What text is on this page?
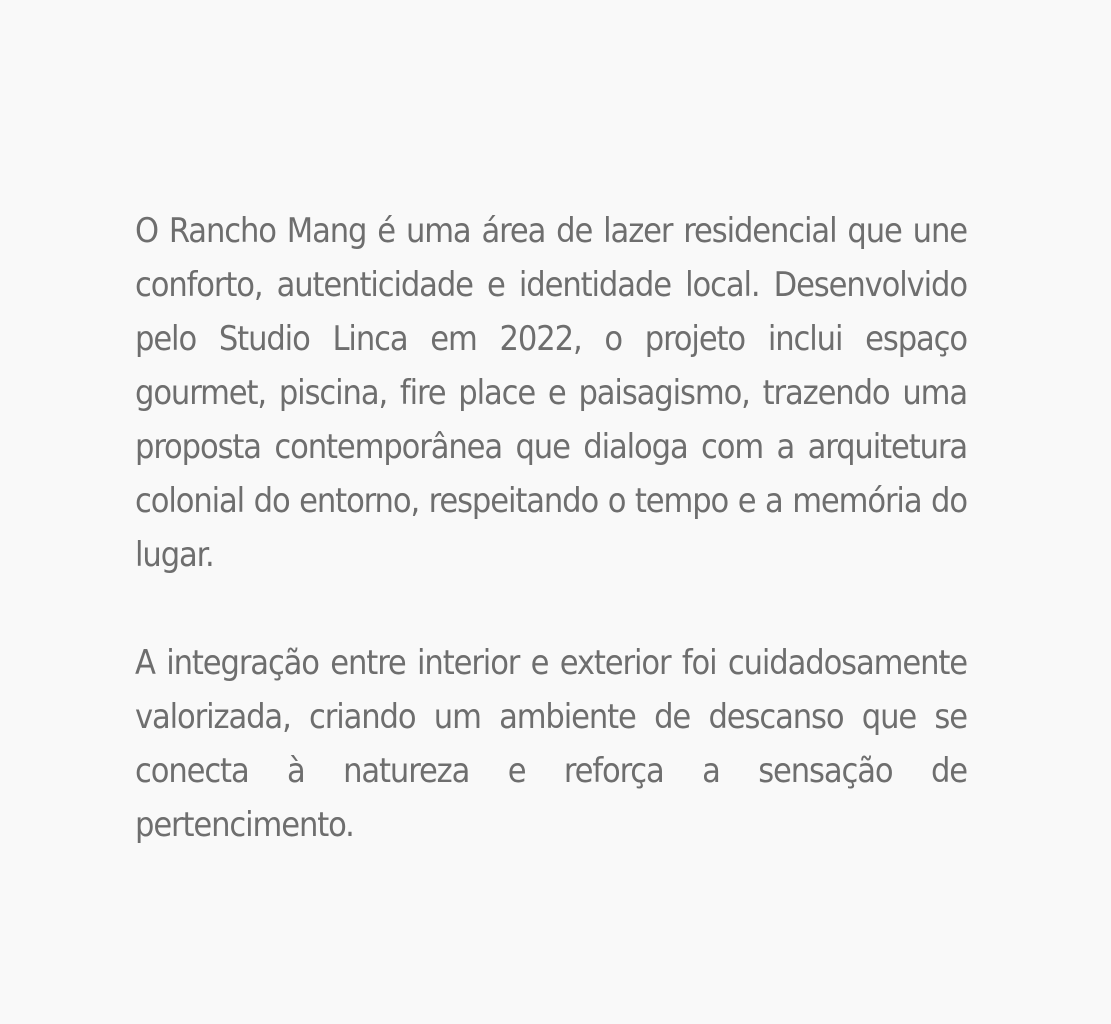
O Rancho Mang é uma área de lazer residencial que une conforto, autenticidade e identidade local. Desenvolvido pelo Studio Linca em 2022, o projeto inclui espaço gourmet, piscina, fire place e paisagismo, trazendo uma proposta contemporânea que dialoga com a arquitetura colonial do entorno, respeitando o tempo e a memória do lugar.

A integração entre interior e exterior foi cuidadosamente valorizada, criando um ambiente de descanso que se conecta à natureza e reforça a sensação de pertencimento.
